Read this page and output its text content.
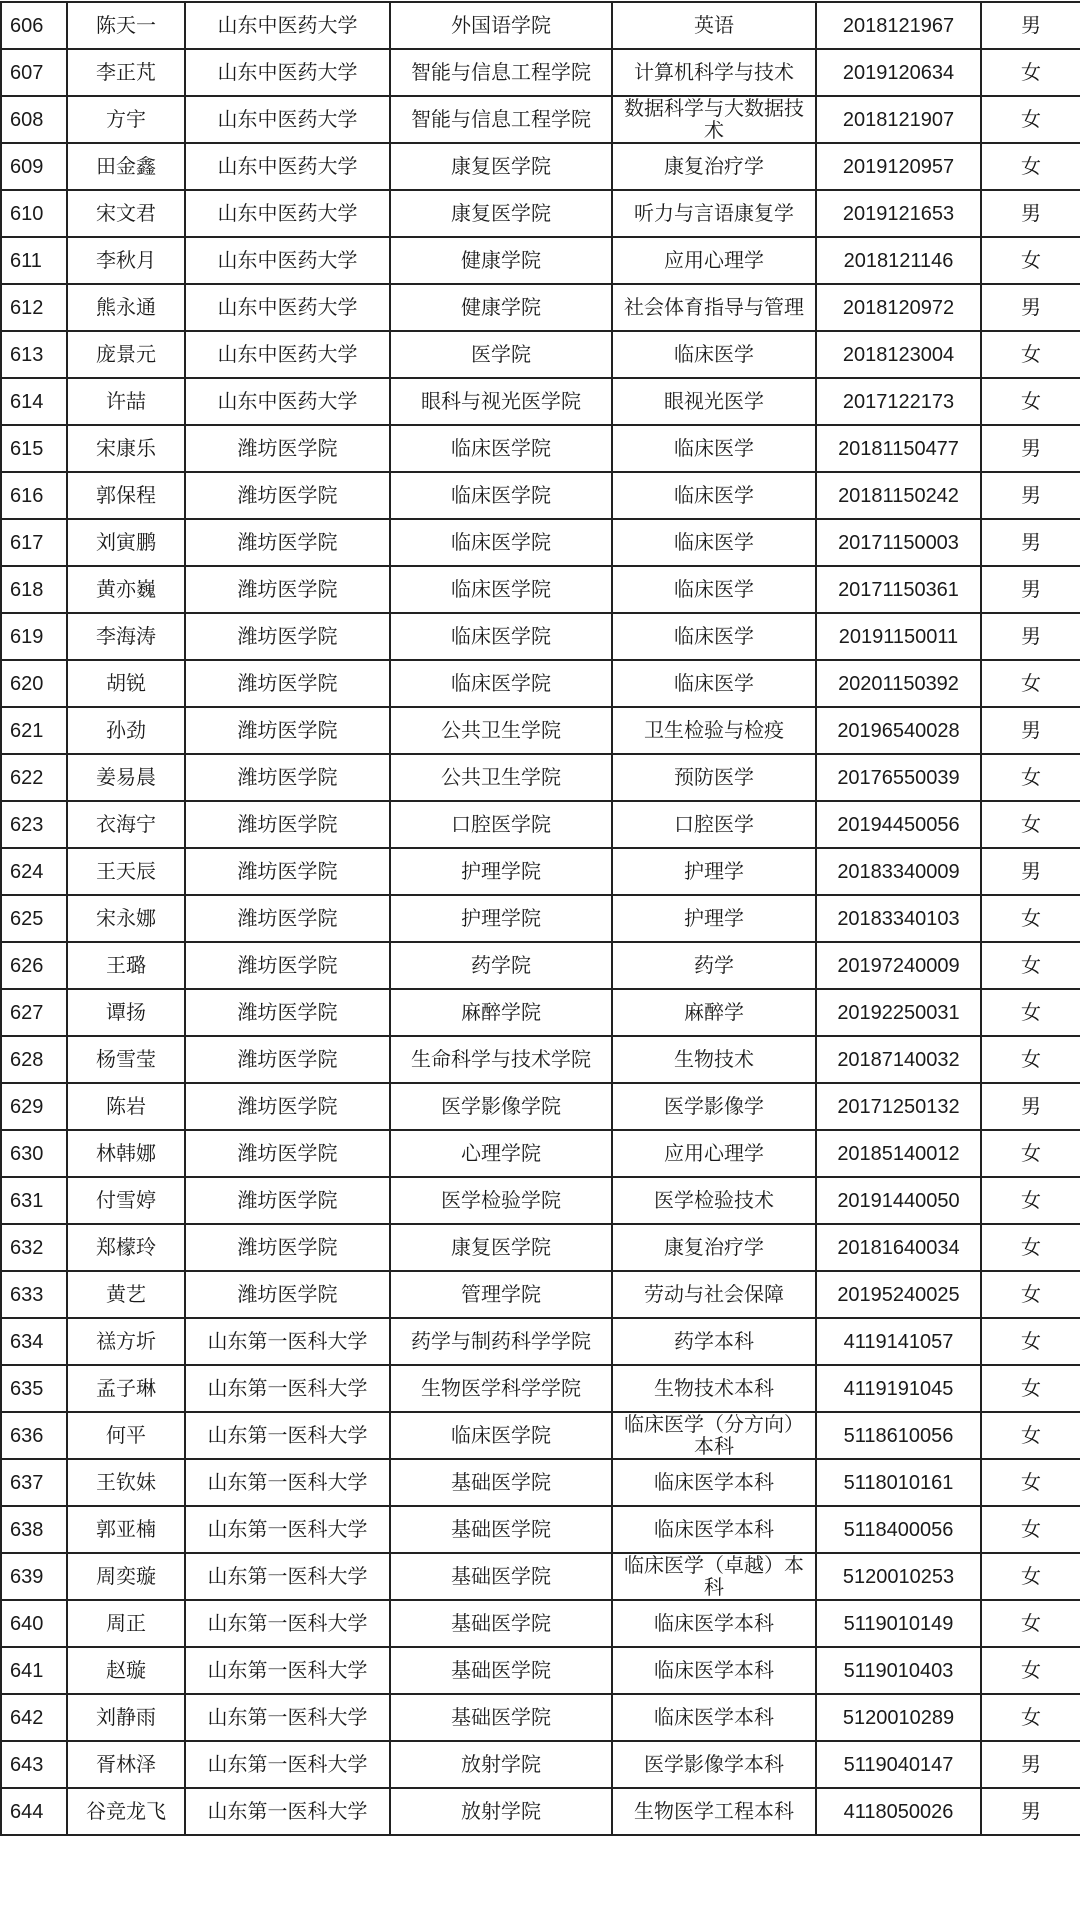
606	陈天一	山东中医药大学	外国语学院	英语	2018121967	男
607	李正芃	山东中医药大学	智能与信息工程学院	计算机科学与技术	2019120634	女
608	方宇	山东中医药大学	智能与信息工程学院	数据科学与大数据技术	2018121907	女
609	田金鑫	山东中医药大学	康复医学院	康复治疗学	2019120957	女
610	宋文君	山东中医药大学	康复医学院	听力与言语康复学	2019121653	男
611	李秋月	山东中医药大学	健康学院	应用心理学	2018121146	女
612	熊永通	山东中医药大学	健康学院	社会体育指导与管理	2018120972	男
613	庞景元	山东中医药大学	医学院	临床医学	2018123004	女
614	许喆	山东中医药大学	眼科与视光医学院	眼视光医学	2017122173	女
615	宋康乐	潍坊医学院	临床医学院	临床医学	20181150477	男
616	郭保程	潍坊医学院	临床医学院	临床医学	20181150242	男
617	刘寅鹏	潍坊医学院	临床医学院	临床医学	20171150003	男
618	黄亦巍	潍坊医学院	临床医学院	临床医学	20171150361	男
619	李海涛	潍坊医学院	临床医学院	临床医学	20191150011	男
620	胡锐	潍坊医学院	临床医学院	临床医学	20201150392	女
621	孙劲	潍坊医学院	公共卫生学院	卫生检验与检疫	20196540028	男
622	姜易晨	潍坊医学院	公共卫生学院	预防医学	20176550039	女
623	衣海宁	潍坊医学院	口腔医学院	口腔医学	20194450056	女
624	王天辰	潍坊医学院	护理学院	护理学	20183340009	男
625	宋永娜	潍坊医学院	护理学院	护理学	20183340103	女
626	王璐	潍坊医学院	药学院	药学	20197240009	女
627	谭扬	潍坊医学院	麻醉学院	麻醉学	20192250031	女
628	杨雪莹	潍坊医学院	生命科学与技术学院	生物技术	20187140032	女
629	陈岩	潍坊医学院	医学影像学院	医学影像学	20171250132	男
630	林韩娜	潍坊医学院	心理学院	应用心理学	20185140012	女
631	付雪婷	潍坊医学院	医学检验学院	医学检验技术	20191440050	女
632	郑檬玲	潍坊医学院	康复医学院	康复治疗学	20181640034	女
633	黄艺	潍坊医学院	管理学院	劳动与社会保障	20195240025	女
634	禚方圻	山东第一医科大学	药学与制药科学学院	药学本科	4119141057	女
635	孟子琳	山东第一医科大学	生物医学科学学院	生物技术本科	4119191045	女
636	何平	山东第一医科大学	临床医学院	临床医学（分方向）本科	5118610056	女
637	王钦妹	山东第一医科大学	基础医学院	临床医学本科	5118010161	女
638	郭亚楠	山东第一医科大学	基础医学院	临床医学本科	5118400056	女
639	周奕璇	山东第一医科大学	基础医学院	临床医学（卓越）本科	5120010253	女
640	周正	山东第一医科大学	基础医学院	临床医学本科	5119010149	女
641	赵璇	山东第一医科大学	基础医学院	临床医学本科	5119010403	女
642	刘静雨	山东第一医科大学	基础医学院	临床医学本科	5120010289	女
643	胥林泽	山东第一医科大学	放射学院	医学影像学本科	5119040147	男
644	谷竞龙飞	山东第一医科大学	放射学院	生物医学工程本科	4118050026	男
